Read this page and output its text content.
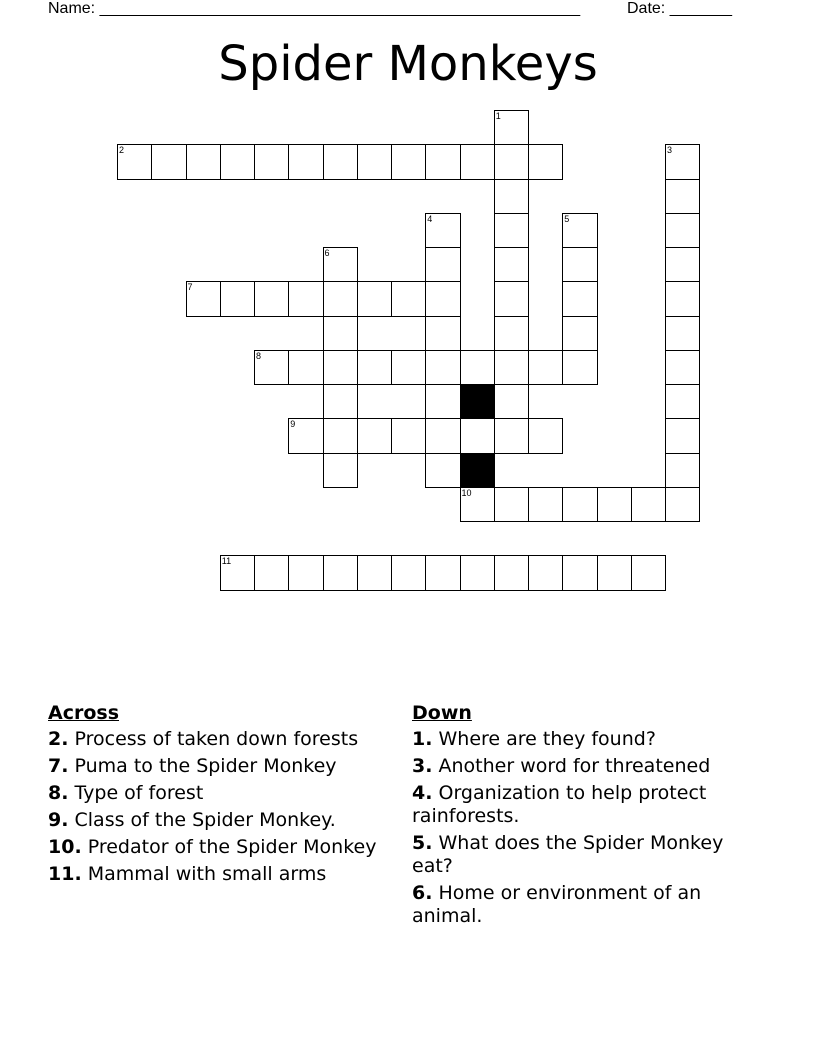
Name: ______________________________________________________	Date: _______
Spider Monkeys
2
7
8
9
10
11
1
3
4	5
6
Across
2. Process of taken down forests
7. Puma to the Spider Monkey
8. Type of forest
9. Class of the Spider Monkey.
10. Predator of the Spider Monkey
11. Mammal with small arms
Down
1. Where are they found?
3. Another word for threatened
4. Organization to help protect rainforests.
5. What does the Spider Monkey eat?
6. Home or environment of an animal.
